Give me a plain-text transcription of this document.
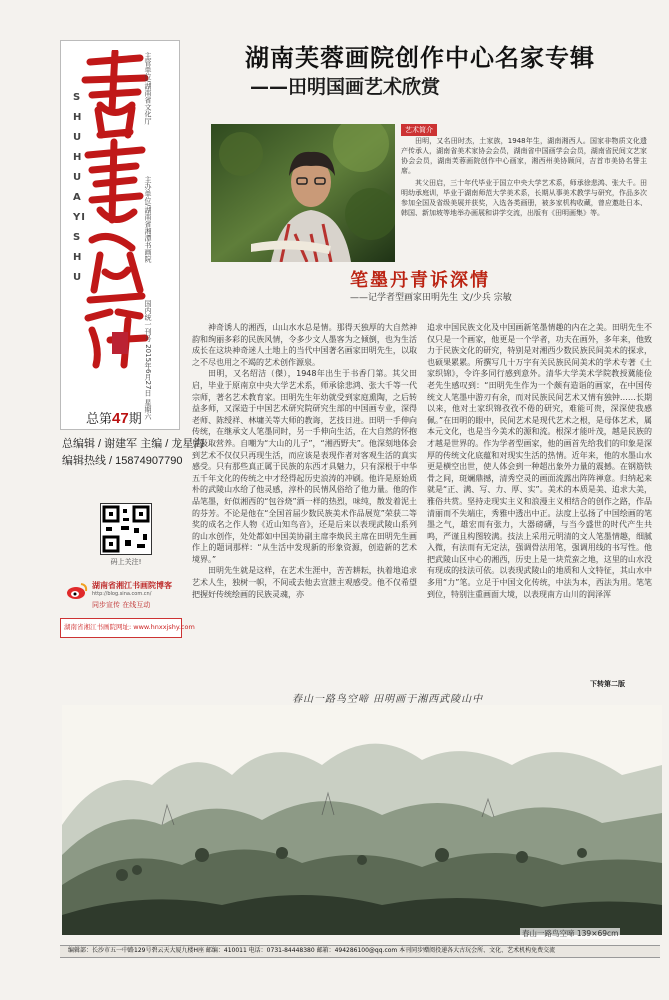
SHUHUAYISHU
主管单位/湖南省文化厅
主办单位/湖南省湘潭书画院
国内统一刊号 2015年6月27日 星期六
总第47期
总编辑 / 谢建军 主编 / 龙星海
编辑热线 / 15874907790
码上关注!
湖南省湘江书画院博客
http://blog.sina.com.cn/
同步宣传 在线互动
湖南省湘江书画院网址: www.hnxxjshy.com
湖南芙蓉画院创作中心名家专辑
——田明国画艺术欣赏
艺术简介

田明，又名田时杰，土家族，1948年生，湖南湘西人。国家非物质文化遗产传承人，湖南省美术家协会会员，湖南省中国画学会会员，湖南省民间文艺家协会会员，湖南芙蓉画院创作中心画家，湘西州美协顾问，吉首市美协名誉主席。

其父田启，三十年代毕业于国立中央大学艺术系，师承徐悲鸿、张大千。田明幼承庭训，毕业于湖南师范大学美术系，长期从事美术教学与研究，作品多次参加全国及省级美展并获奖，入选各类画册，被多家机构收藏，曾应邀赴日本、韩国、新加坡等地举办画展和讲学交流，出版有《田明画集》等。

笔墨丹青诉深情
——记学者型画家田明先生 文/少兵 宗敏

神奇诱人的湘西，山山水水总是情。那得天独厚的大自然神韵和绚丽多彩的民族风情，令多少文人墨客为之倾倒，也为生活成长在这块神奇迷人土地上的当代中国著名画家田明先生，以取之不尽也用之不竭的艺术创作源泉。

田明，又名绍洁（傑），1948年出生于书香门第。其父田启，毕业于原南京中央大学艺术系，师承徐悲鸿、张大千等一代宗师，著名艺术教育家。田明先生年幼就受到家庭熏陶，之后转益多师，又深造于中国艺术研究院研究生部的中国画专业，深得老师、陈绶祥、林墉关等大师的教诲，艺技日进。田明一手伸向传统，在继承文人笔墨同时，另一手伸向生活，在大自然的怀抱里汲取营养。自嘲为“大山的儿子”，“湘西野夫”。他深刻地体会到艺术不仅仅只再现生活，而应该是表现作者对客观生活的真实感受。只有那些真正属于民族的东西才具魅力，只有深根于中华五千年文化的传统之中才经得起历史浪涛的冲刷。他许是原始质朴的武陵山水给了他灵感，淳朴的民情风俗给了他力量。他的作品笔墨，好似湘西的“包谷烧”酒一样的热烈，味纯，散发着泥土的芬芳。不论是他在“全国首届少数民族美术作品展览”荣获二等奖的成名之作人物《近山知鸟音》，还是后来以表现武陵山系列的山水创作，处处都如中国美协副主席李焕民主席在田明先生画作上的题词那样：“从生活中发现新的形象资源，创造新的艺术境界。”

田明先生就是这样，在艺术生涯中，苦苦耕耘，执着地追求艺术人生，独树一帜，不间或去他去宣泄主观感受。他不仅希望把握好传统绘画的民族灵魂，亦

追求中国民族文化及中国画新笔墨情趣的内在之美。田明先生不仅只是一个画家，他更是一个学者，功夫在画外，多年来，他致力于民族文化的研究，特别是对湘西少数民族民间美术的探求，也硕果累累。所撰写几十万字有关民族民间美术的学术专著《土家织锦》，令许多同行感到意外。清华大学美术学院教授冀能俭老先生感叹到：“田明先生作为一个颇有造诣的画家，在中国传统文人笔墨中游刃有余，而对民族民间艺术又情有独钟……长期以来，他对土家织锦孜孜不倦的研究，难能可贵，深深使我感佩。”在田明的眼中，民间艺术是现代艺术之根，是母体艺术，属本元文化，也是当今美术的源和流。根深才能叶茂，越是民族的才越是世界的。作为学者型画家，他的画首先给我们的印象是深厚的传统文化底蕴和对现实生活的热情。近年来，他的水墨山水更是横空出世，使人体会到一种超出象外力量的震撼。在钢筋铁骨之间，斑斓鼎撼，清秀空灵的画面流露出阵阵禅意。归纳起来就是“正、满、写、力、厚、实”。美术的本质是美、追求大美，雅俗共赏。坚持走现实主义和浪漫主义相结合的创作之路，作品清丽而不失端庄，秀雅中透出中正。法度上弘扬了中国绘画的笔墨之气，雄宏而有张力，大器磅礴，与当今盛世的时代产生共鸣，严谨且构图较满。技法上采用元明清的文人笔墨情趣，细腻入微，有法而有无定法，强调骨法用笔，强调用线的书写性。他把武陵山区中心的湘西，历史上是一块荒蛮之地，这里的山水没有现成的技法可依。以表现武陵山的地质和人文特征，其山水中多用“力”笔。立足于中国文化传统，中法为本，西法为用。笔笔到位，特别注重画面大境，以表现南方山川的润泽浑

下转第二版
春山一路鸟空啼 田明画于湘西武陵山中
春山一路鸟空啼 139×69cm
编辑部：长沙市五一中路129号碧云天大厦九楼H座 邮编：410011 电话：0731-84448380 邮箱：494286100@qq.com 本刊同步赠阅投递各大古玩会所、文化、艺术机构免费交流
